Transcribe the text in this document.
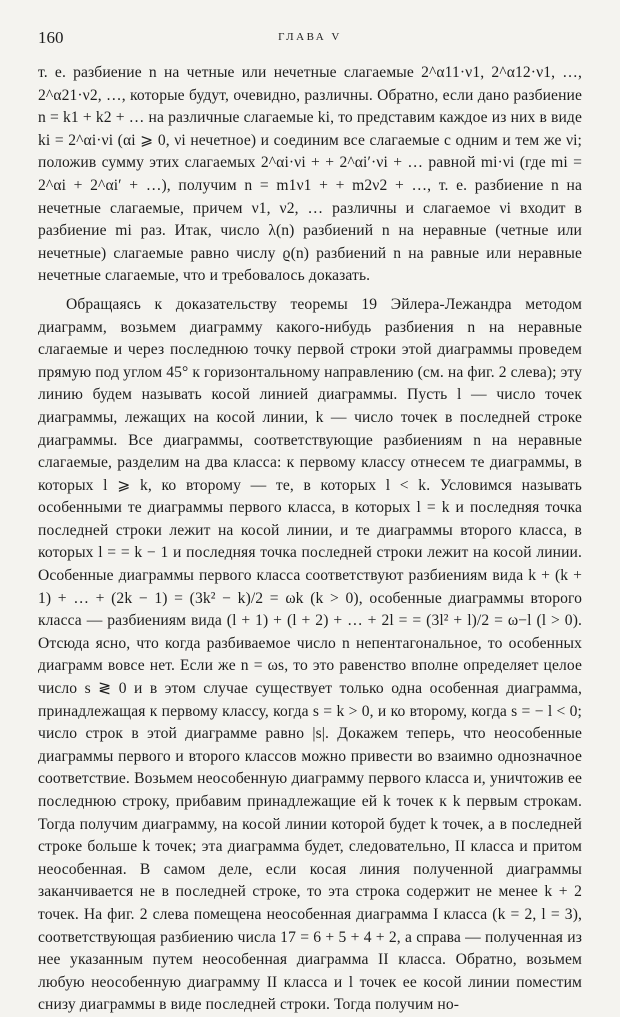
160	ГЛАВА V

т. е. разбиение n на четные или нечетные слагаемые 2^α11·ν1, 2^α12·ν1, …, 2^α21·ν2, …, которые будут, очевидно, различны. Обратно, если дано разбиение n = k1 + k2 + … на различные слагаемые ki, то представим каждое из них в виде ki = 2^αi·νi (αi ⩾ 0, νi нечетное) и соединим все слагаемые с одним и тем же νi; положив сумму этих слагаемых 2^αi·νi + + 2^αi′·νi + … равной mi·νi (где mi = 2^αi + 2^αi′ + …), получим n = m1ν1 + + m2ν2 + …, т. е. разбиение n на нечетные слагаемые, причем ν1, ν2, … различны и слагаемое νi входит в разбиение mi раз. Итак, число λ(n) разбиений n на неравные (четные или нечетные) слагаемые равно числу ϱ(n) разбиений n на равные или неравные нечетные слагаемые, что и требовалось доказать.

Обращаясь к доказательству теоремы 19 Эйлера-Лежандра методом диаграмм, возьмем диаграмму какого-нибудь разбиения n на неравные слагаемые и через последнюю точку первой строки этой диаграммы проведем прямую под углом 45° к горизонтальному направлению (см. на фиг. 2 слева); эту линию будем называть косой линией диаграммы. Пусть l — число точек диаграммы, лежащих на косой линии, k — число точек в последней строке диаграммы. Все диаграммы, соответствующие разбиениям n на неравные слагаемые, разделим на два класса: к первому классу отнесем те диаграммы, в которых l ⩾ k, ко второму — те, в которых l < k. Условимся называть особенными те диаграммы первого класса, в которых l = k и последняя точка последней строки лежит на косой линии, и те диаграммы второго класса, в которых l = = k − 1 и последняя точка последней строки лежит на косой линии. Особенные диаграммы первого класса соответствуют разбиениям вида k + (k + 1) + … + (2k − 1) = (3k² − k)/2 = ωk (k > 0), особенные диаграммы второго класса — разбиениям вида (l + 1) + (l + 2) + … + 2l = = (3l² + l)/2 = ω−l (l > 0). Отсюда ясно, что когда разбиваемое число n непентагональное, то особенных диаграмм вовсе нет. Если же n = ωs, то это равенство вполне определяет целое число s ≷ 0 и в этом случае существует только одна особенная диаграмма, принадлежащая к первому классу, когда s = k > 0, и ко второму, когда s = − l < 0; число строк в этой диаграмме равно |s|. Докажем теперь, что неособенные диаграммы первого и второго классов можно привести во взаимно однозначное соответствие. Возьмем неособенную диаграмму первого класса и, уничтожив ее последнюю строку, прибавим принадлежащие ей k точек к k первым строкам. Тогда получим диаграмму, на косой линии которой будет k точек, а в последней строке больше k точек; эта диаграмма будет, следовательно, II класса и притом неособенная. В самом деле, если косая линия полученной диаграммы заканчивается не в последней строке, то эта строка содержит не менее k + 2 точек. На фиг. 2 слева помещена неособенная диаграмма I класса (k = 2, l = 3), соответствующая разбиению числа 17 = 6 + 5 + 4 + 2, а справа — полученная из нее указанным путем неособенная диаграмма II класса. Обратно, возьмем любую неособенную диаграмму II класса и l точек ее косой линии поместим снизу диаграммы в виде последней строки. Тогда получим но-
